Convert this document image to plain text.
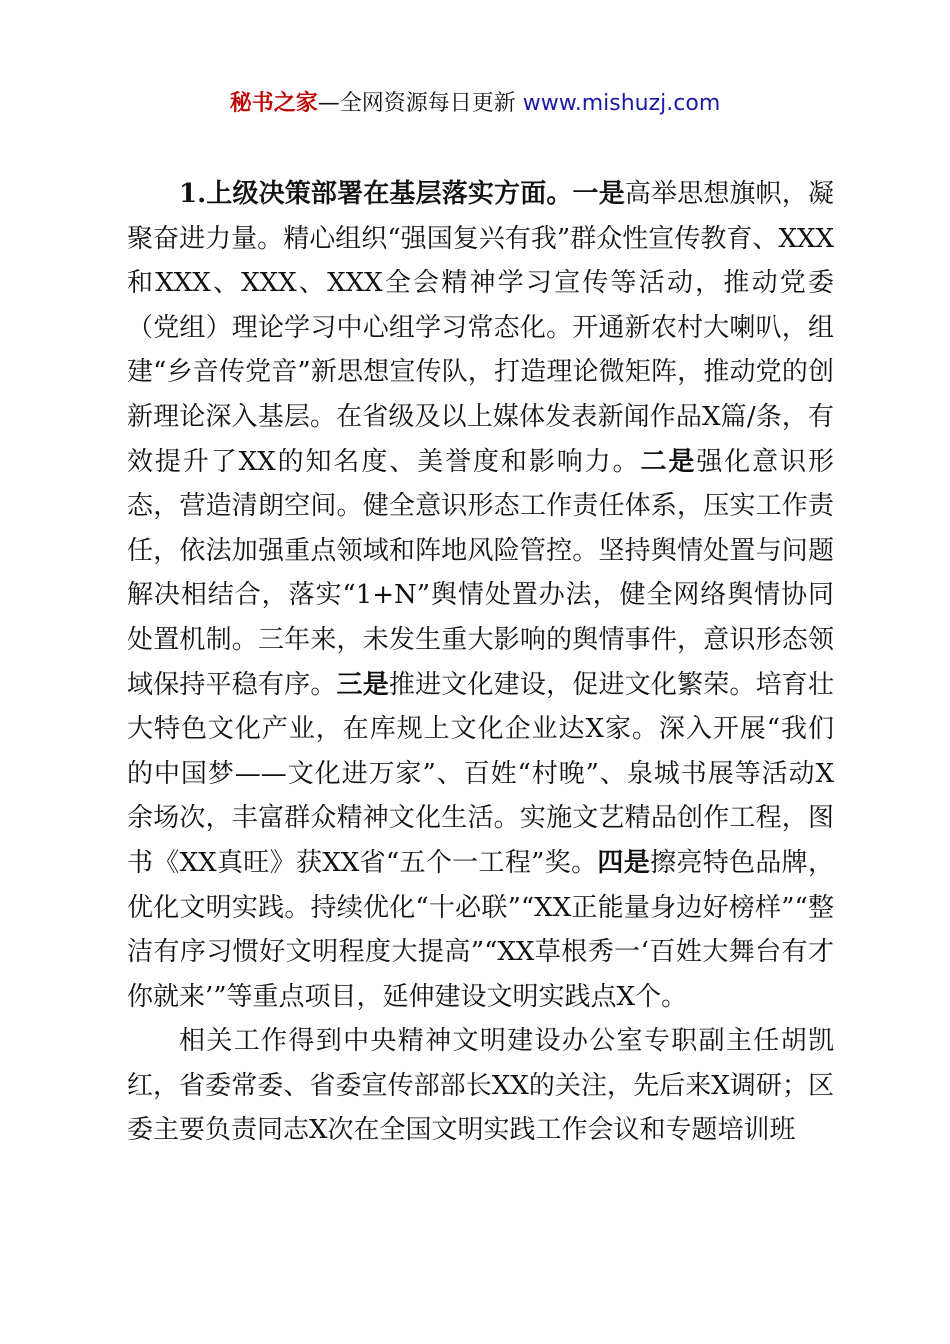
秘书之家—全网资源每日更新 www.mishuzj.com

1.上级决策部署在基层落实方面。一是高举思想旗帜，凝聚奋进力量。精心组织“强国复兴有我”群众性宣传教育、XXX和XXX、XXX、XXX全会精神学习宣传等活动，推动党委（党组）理论学习中心组学习常态化。开通新农村大喇叭，组建“乡音传党音”新思想宣传队，打造理论微矩阵，推动党的创新理论深入基层。在省级及以上媒体发表新闻作品X篇/条，有效提升了XX的知名度、美誉度和影响力。二是强化意识形态，营造清朗空间。健全意识形态工作责任体系，压实工作责任，依法加强重点领域和阵地风险管控。坚持舆情处置与问题解决相结合，落实“1+N”舆情处置办法，健全网络舆情协同处置机制。三年来，未发生重大影响的舆情事件，意识形态领域保持平稳有序。三是推进文化建设，促进文化繁荣。培育壮大特色文化产业，在库规上文化企业达X家。深入开展“我们的中国梦——文化进万家”、百姓“村晚”、泉城书展等活动X余场次，丰富群众精神文化生活。实施文艺精品创作工程，图书《XX真旺》获XX省“五个一工程”奖。四是擦亮特色品牌，优化文明实践。持续优化“十必联”“XX正能量身边好榜样”“整洁有序习惯好文明程度大提高”“XX草根秀一‘百姓大舞台有才你就来’”等重点项目，延伸建设文明实践点X个。

相关工作得到中央精神文明建设办公室专职副主任胡凯红，省委常委、省委宣传部部长XX的关注，先后来X调研；区委主要负责同志X次在全国文明实践工作会议和专题培训班
